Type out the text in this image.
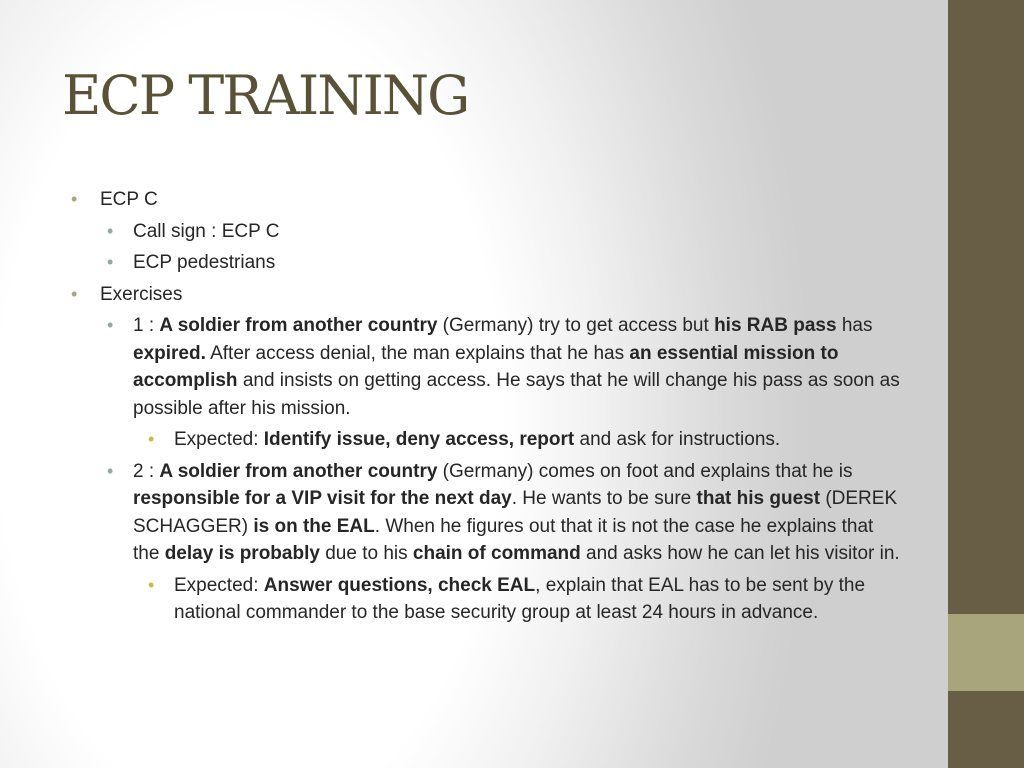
ECP TRAINING
• ECP C
• Call sign : ECP C
• ECP pedestrians
• Exercises
• 1 : A soldier from another country (Germany) try to get access but his RAB pass has expired. After access denial, the man explains that he has an essential mission to accomplish and insists on getting access. He says that he will change his pass as soon as possible after his mission.
• Expected: Identify issue, deny access, report and ask for instructions.
• 2 : A soldier from another country (Germany) comes on foot and explains that he is responsible for a VIP visit for the next day. He wants to be sure that his guest (DEREK SCHAGGER) is on the EAL. When he figures out that it is not the case he explains that the delay is probably due to his chain of command and asks how he can let his visitor in.
• Expected: Answer questions, check EAL, explain that EAL has to be sent by the national commander to the base security group at least 24 hours in advance.
